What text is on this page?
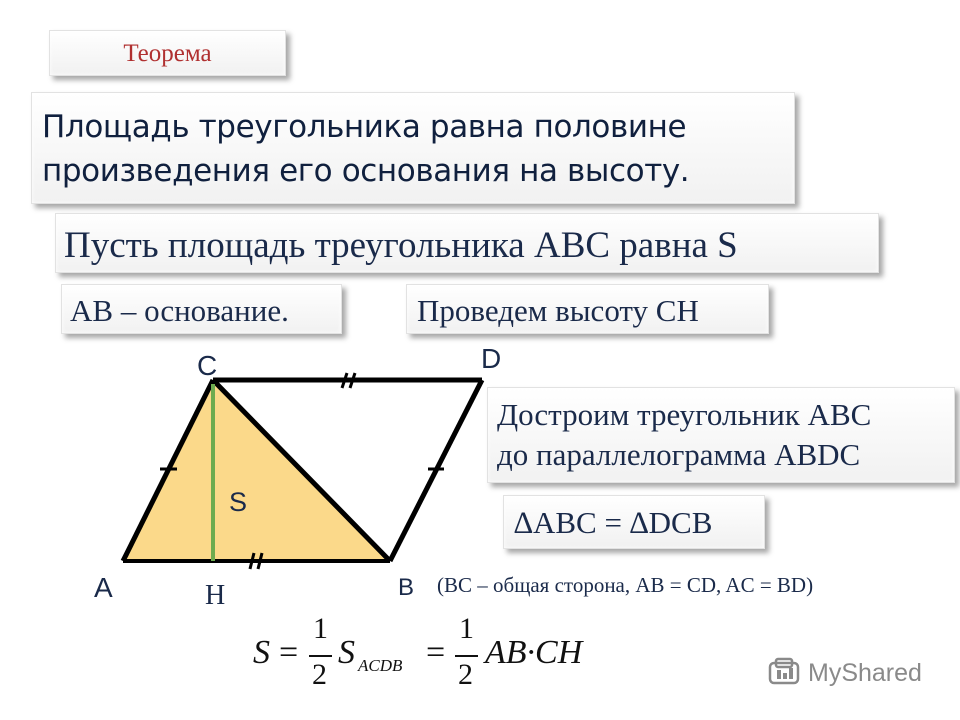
Теорема
Площадь треугольника равна половине
произведения его основания на высоту.
Пусть площадь треугольника ABC равна S
AB – основание.	Проведем высоту CH
Достроим треугольник ABC
до параллелограмма ABDC
∆ABC = ∆DCB
(BC – общая сторона, AB = CD, AC = BD)
C	D
A	B
H
S
S =
1
2
S ACDB =
1
2
AB·CH
MyShared
